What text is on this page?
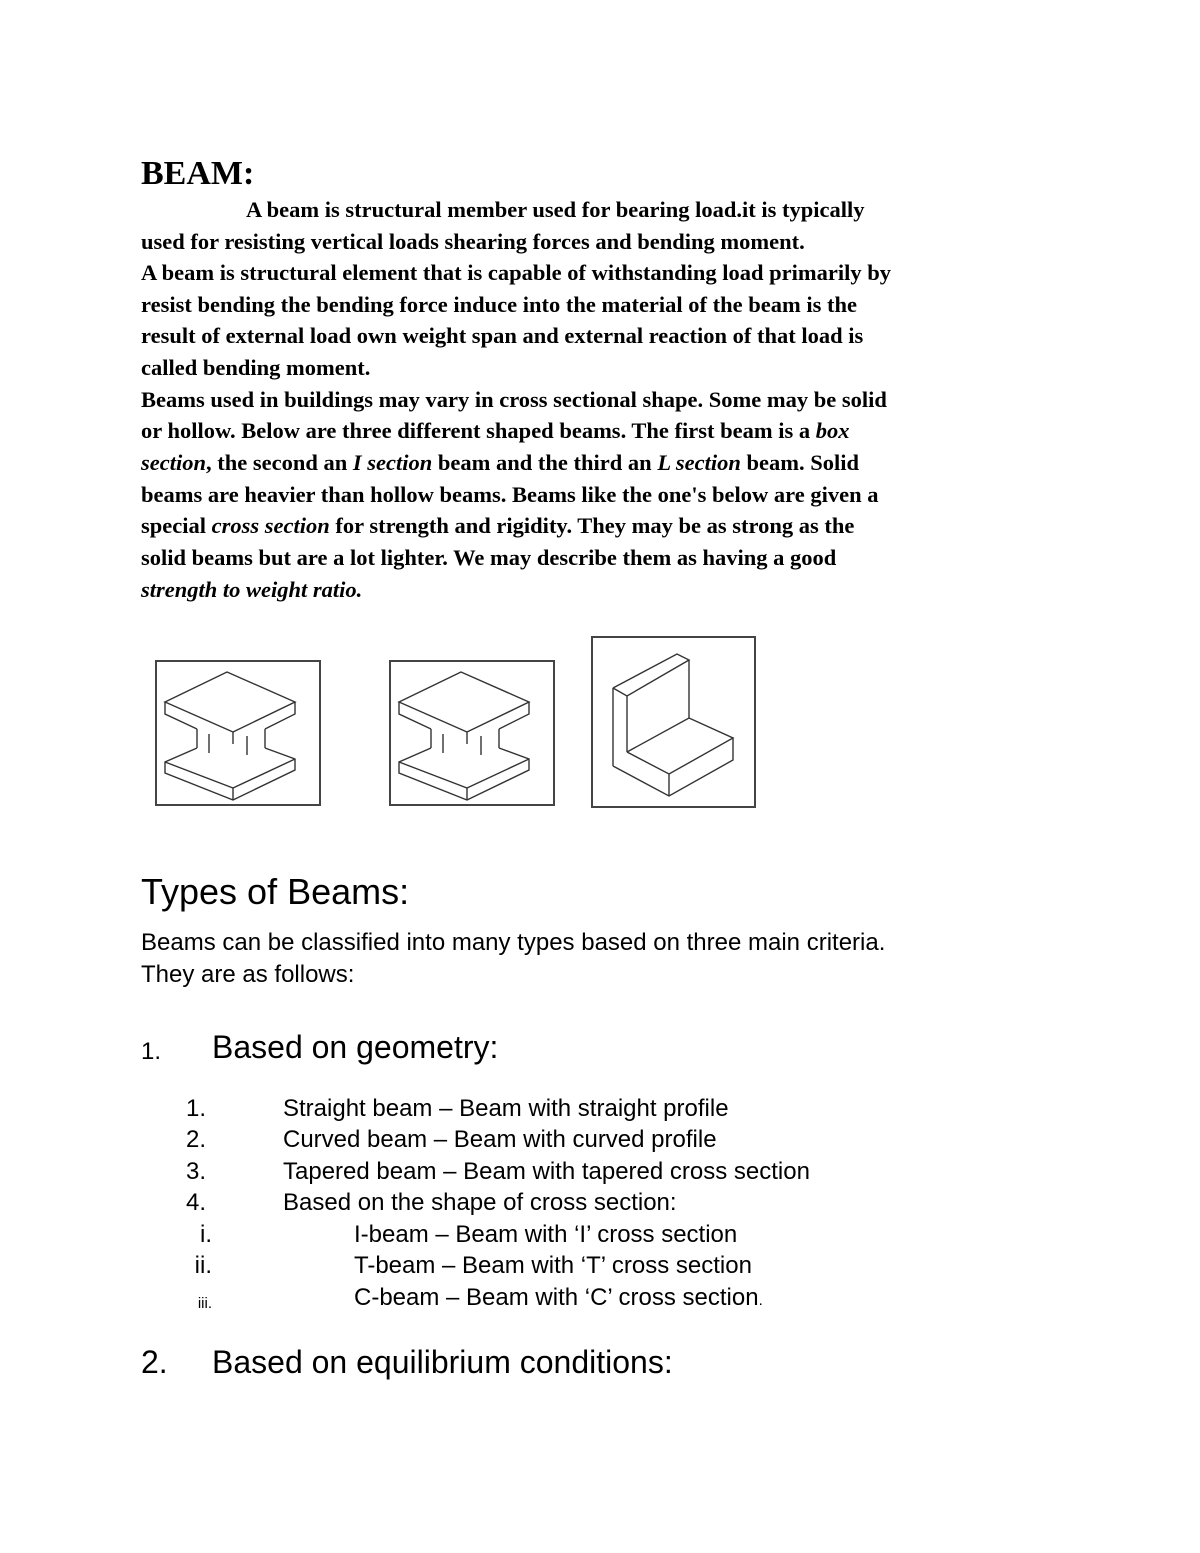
BEAM:

A beam is structural member used for bearing load.it is typically

used for resisting vertical loads shearing forces and bending moment.

A beam is structural element that is capable of withstanding load primarily by

resist bending the bending force induce into the material of the beam is the

result of external load own weight span and external reaction of that load is

called bending moment.

Beams used in buildings may vary in cross sectional shape. Some may be solid

or hollow. Below are three different shaped beams. The first beam is a box

section, the second an I section beam and the third an L section beam. Solid

beams are heavier than hollow beams. Beams like the one's below are given a

special cross section for strength and rigidity. They may be as strong as the

solid beams but are a lot lighter. We may describe them as having a good

strength to weight ratio.

Types of Beams:

Beams can be classified into many types based on three main criteria.

They are as follows:

1. Based on geometry:
1.	Straight beam – Beam with straight profile
2.	Curved beam – Beam with curved profile
3.	Tapered beam – Beam with tapered cross section
4.	Based on the shape of cross section:
i.	I-beam – Beam with ‘I’ cross section
ii.	T-beam – Beam with ‘T’ cross section
iii.	C-beam – Beam with ‘C’ cross section.
2. Based on equilibrium conditions:
